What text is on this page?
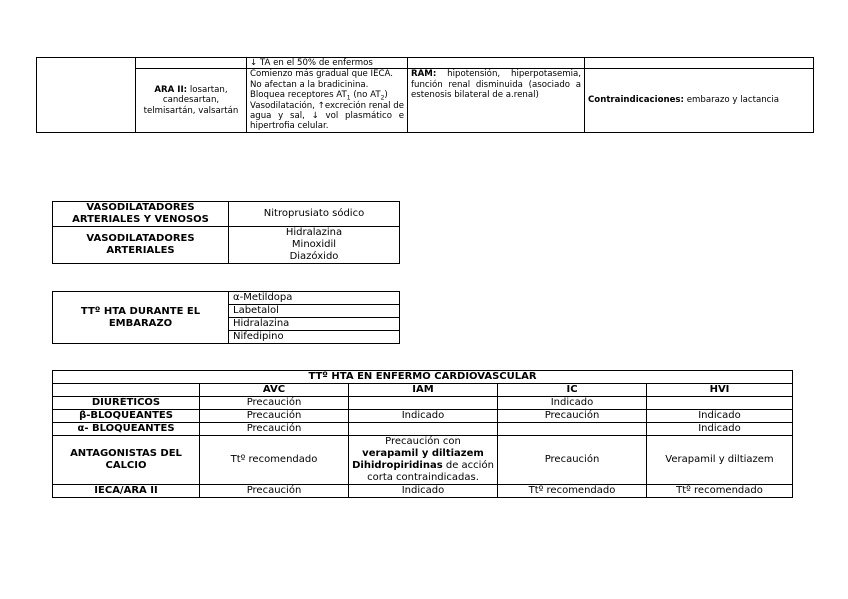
		↓ TA en el 50% de enfermos		
	ARA II: losartan, candesartan, telmisartán, valsartán	Comienzo más gradual que IECA.
No afectan a la bradicinina.
Bloquea receptores $AT_1$ (no $AT_2$)
Vasodilatación, ↑excreción renal de agua y sal, ↓ vol plasmático e hipertrofia celular.	RAM: hipotensión, hiperpotasemia, función renal disminuida (asociado a estenosis bilateral de a.renal)	Contraindicaciones: embarazo y lactancia
VASODILATADORES ARTERIALES Y VENOSOS	Nitroprusiato sódico
VASODILATADORES ARTERIALES	Hidralazina
Minoxidil
Diazóxido
TTº HTA DURANTE EL EMBARAZO	α-Metildopa
Labetalol
Hidralazina
Nifedipino
TTº HTA EN ENFERMO CARDIOVASCULAR				
	AVC	IAM	IC	HVI
DIURÉTICOS	Precaución		Indicado	
β-BLOQUEANTES	Precaución	Indicado	Precaución	Indicado
α- BLOQUEANTES	Precaución			Indicado
ANTAGONISTAS DEL CALCIO	Ttº recomendado	Precaución con
verapamil y diltiazem
Dihidropiridinas de acción corta contraindicadas.	Precaución	Verapamil y diltiazem
IECA/ARA II	Precaución	Indicado	Ttº recomendado	Ttº recomendado
